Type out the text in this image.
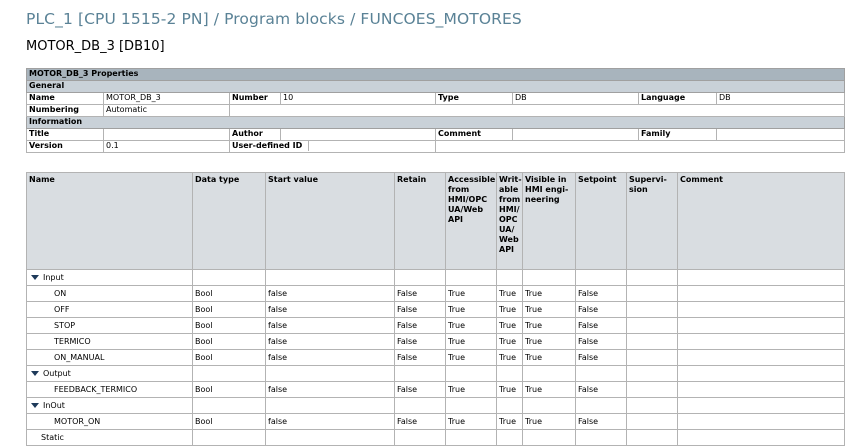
PLC_1 [CPU 1515-2 PN] / Program blocks / FUNCOES_MOTORES
MOTOR_DB_3 [DB10]
MOTOR_DB_3 Properties							
General							
Name	MOTOR_DB_3	Number	10	Type	DB	Language	DB
Numbering	Automatic						
Information							
Title		Author		Comment		Family	
Version	0.1	User-defined ID					
Name	Data type	Start value	Retain	Accessible from HMI/OPC UA/Web API	Writ-able from HMI/ OPC UA/ Web API	Visible in HMI engi-neering	Setpoint	Supervi-sion	Comment
Input									
ON	Bool	false	False	True	True	True	False		
OFF	Bool	false	False	True	True	True	False		
STOP	Bool	false	False	True	True	True	False		
TERMICO	Bool	false	False	True	True	True	False		
ON_MANUAL	Bool	false	False	True	True	True	False		
Output									
FEEDBACK_TERMICO	Bool	false	False	True	True	True	False		
InOut									
MOTOR_ON	Bool	false	False	True	True	True	False		
Static									
